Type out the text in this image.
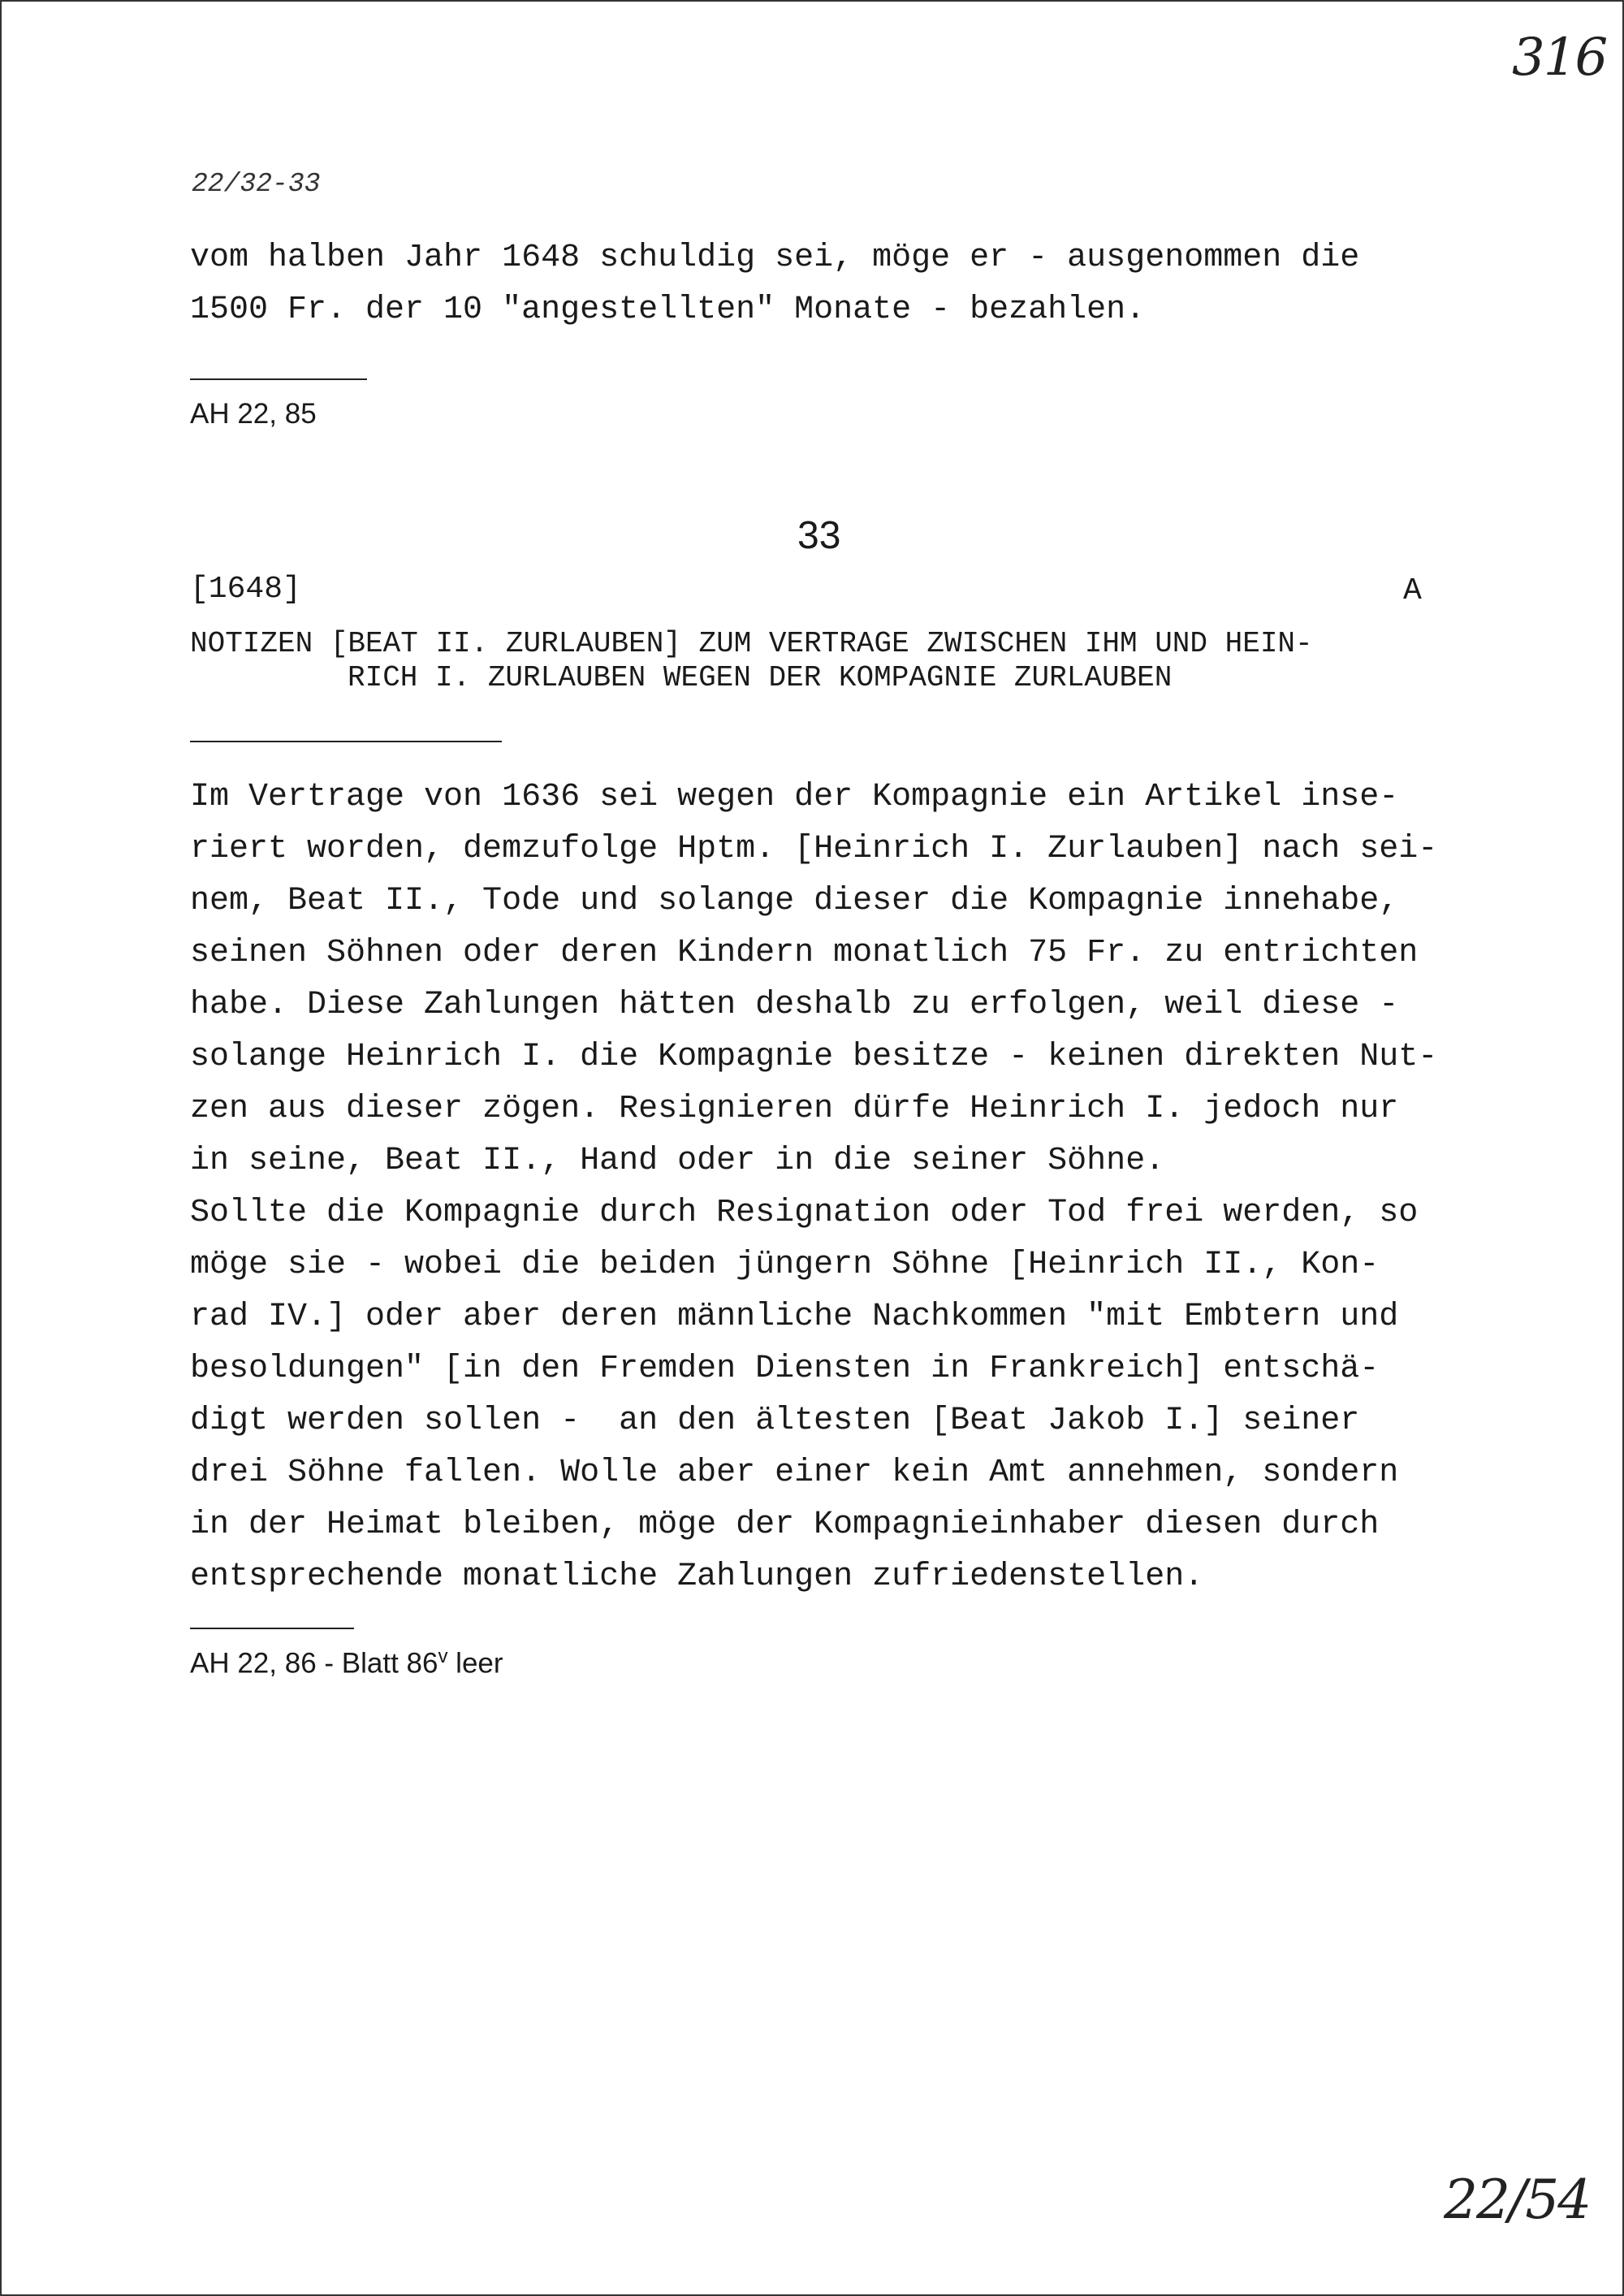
316
22/32-33
vom halben Jahr 1648 schuldig sei, möge er - ausgenommen die
1500 Fr. der 10 "angestellten" Monate - bezahlen.
AH 22, 85
33
[1648]	A
NOTIZEN [BEAT II. ZURLAUBEN] ZUM VERTRAGE ZWISCHEN IHM UND HEIN-
RICH I. ZURLAUBEN WEGEN DER KOMPAGNIE ZURLAUBEN
Im Vertrage von 1636 sei wegen der Kompagnie ein Artikel inse-
riert worden, demzufolge Hptm. [Heinrich I. Zurlauben] nach sei-
nem, Beat II., Tode und solange dieser die Kompagnie innehabe,
seinen Söhnen oder deren Kindern monatlich 75 Fr. zu entrichten
habe. Diese Zahlungen hätten deshalb zu erfolgen, weil diese -
solange Heinrich I. die Kompagnie besitze - keinen direkten Nut-
zen aus dieser zögen. Resignieren dürfe Heinrich I. jedoch nur
in seine, Beat II., Hand oder in die seiner Söhne.
Sollte die Kompagnie durch Resignation oder Tod frei werden, so
möge sie - wobei die beiden jüngern Söhne [Heinrich II., Kon-
rad IV.] oder aber deren männliche Nachkommen "mit Embtern und
besoldungen" [in den Fremden Diensten in Frankreich] entschä-
digt werden sollen -  an den ältesten [Beat Jakob I.] seiner
drei Söhne fallen. Wolle aber einer kein Amt annehmen, sondern
in der Heimat bleiben, möge der Kompagnieinhaber diesen durch
entsprechende monatliche Zahlungen zufriedenstellen.
AH 22, 86 - Blatt 86$^v$ leer
22/54
